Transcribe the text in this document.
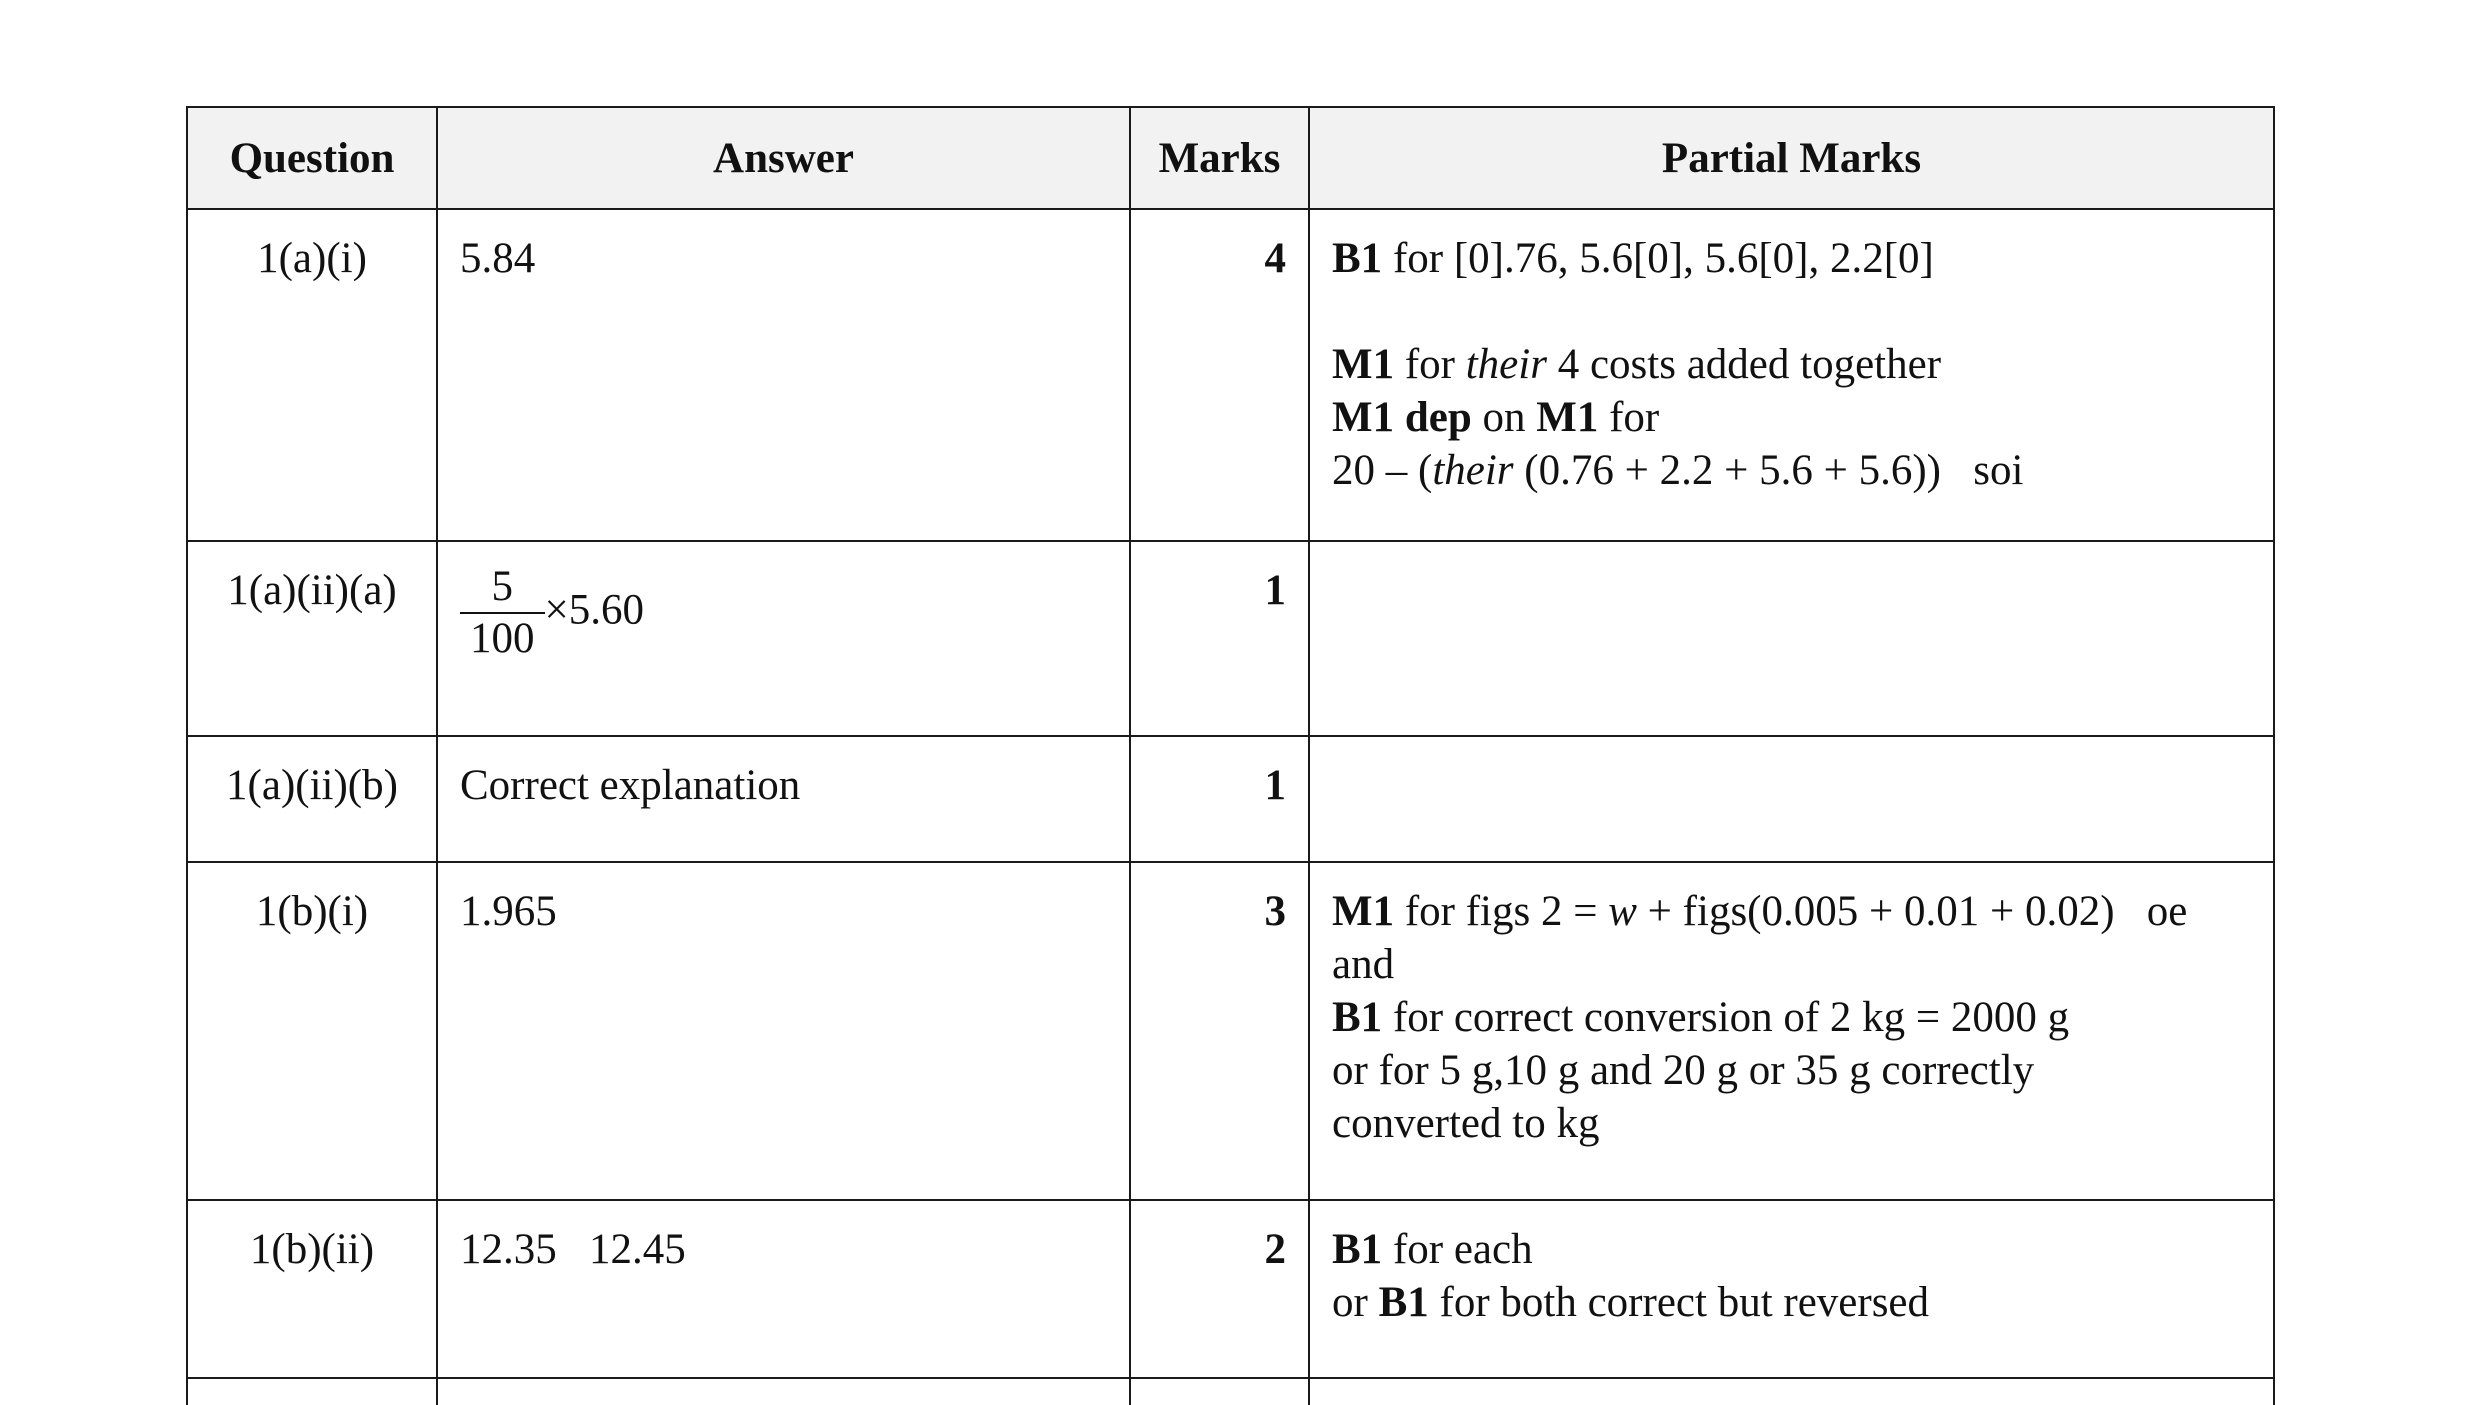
Question	Answer	Marks	Partial Marks
1(a)(i)	5.84	4	B1 for [0].76, 5.6[0], 5.6[0], 2.2[0]
M1 for their 4 costs added together
M1 dep on M1 for
20 – (their (0.76 + 2.2 + 5.6 + 5.6))   soi

1(a)(ii)(a)	$\frac{5}{100} \times 5.60$	1	
1(a)(ii)(b)	Correct explanation	1	
1(b)(i)	1.965	3	M1 for figs 2 = w + figs(0.005 + 0.01 + 0.02)   oe
and
B1 for correct conversion of 2 kg = 2000 g
or for 5 g,10 g and 20 g or 35 g correctly
converted to kg

1(b)(ii)	12.35   12.45	2	B1 for each
or B1 for both correct but reversed
